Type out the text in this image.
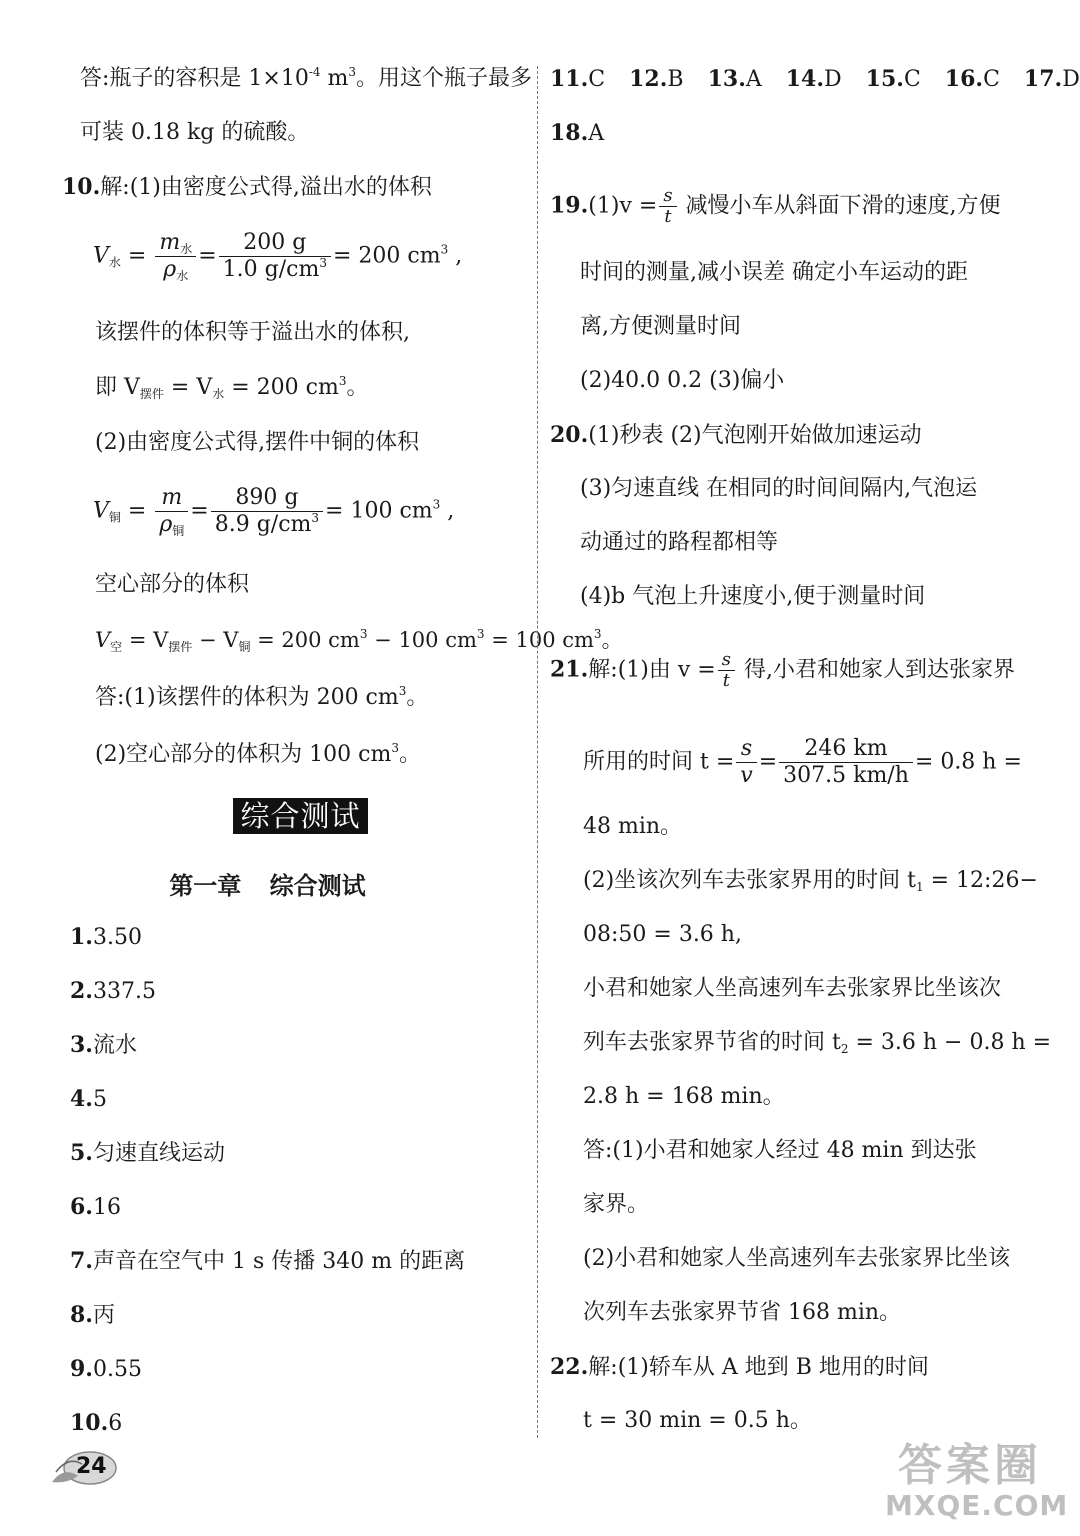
答:瓶子的容积是 $1\times 10^{-4}$ $m^3$。用这个瓶子最多
可装 0.18 kg 的硫酸。
10.解:(1)由密度公式得,溢出水的体积
$V_水 = \frac{m_水}{\rho_水} = \frac{200 g}{1.0 g/cm^3} = 200$ $cm^3$ ,
该摆件的体积等于溢出水的体积,
即 $V_{摆件} = V_水 = 200$ $cm^3$。
(2)由密度公式得,摆件中铜的体积
$V_铜 = \frac{m}{\rho_铜} = \frac{890 g}{8.9 g/cm^3} = 100$ $cm^3$ ,
空心部分的体积
$V_空 = V_{摆件} - V_铜 = 200$ $cm^3 - 100$ $cm^3 = 100$ $cm^3$。
答:(1)该摆件的体积为 200 $cm^3$。
(2)空心部分的体积为 100 $cm^3$。
综合测试
第一章 综合测试
1.3.50
2.337.5
3.流水
4.5
5.匀速直线运动
6.16
7.声音在空气中 1 s 传播 340 m 的距离
8.丙
9.0.55
10.6
24
11.C 12.B 13.A 14.D 15.C 16.C 17.D
18.A
$19.(1)v = \frac{s}{t}$ 减慢小车从斜面下滑的速度,方便
时间的测量,减小误差 确定小车运动的距
离,方便测量时间
(2)40.0 0.2 (3)偏小
20.(1)秒表 (2)气泡刚开始做加速运动
(3)匀速直线 在相同的时间间隔内,气泡运
动通过的路程都相等
(4)b 气泡上升速度小,便于测量时间
21.解:(1)由 $v = \frac{s}{t}$ 得,小君和她家人到达张家界
所用的时间 $t = \frac{s}{v} = \frac{246 km}{307.5 km/h} = 0.8$ h =
48 min。
(2)坐该次列车去张家界用的时间 $t_1$ = 12:26−
08:50 = 3.6 h,
小君和她家人坐高速列车去张家界比坐该次
列车去张家界节省的时间 $t_2 = 3.6$ h − 0.8 h =
2.8 h = 168 min。
答:(1)小君和她家人经过 48 min 到达张
家界。
(2)小君和她家人坐高速列车去张家界比坐该
次列车去张家界节省 168 min。
22.解:(1)轿车从 A 地到 B 地用的时间
t = 30 min = 0.5 h。
答案圈
MXQE.COM
